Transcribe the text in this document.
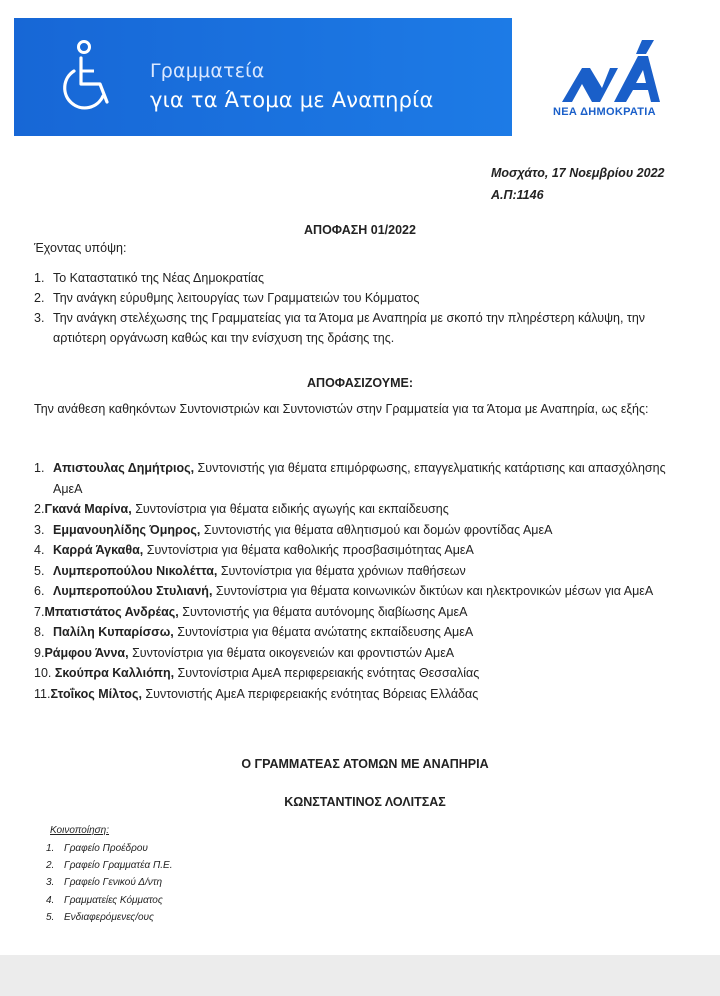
Γραμματεία
για τα Άτομα με Αναπηρία	ΝΕΑ ΔΗΜΟΚΡΑΤΙΑ
Μοσχάτο, 17 Νοεμβρίου 2022
Α.Π:1146
ΑΠΟΦΑΣΗ 01/2022
Έχοντας υπόψη:
1. Το Καταστατικό της Νέας Δημοκρατίας
2. Την ανάγκη εύρυθμης λειτουργίας των Γραμματειών του Κόμματος
3. Την ανάγκη στελέχωσης της Γραμματείας για τα Άτομα με Αναπηρία με σκοπό την πληρέστερη κάλυψη, την αρτιότερη οργάνωση καθώς και την ενίσχυση της δράσης της.
ΑΠΟΦΑΣΙΖΟΥΜΕ:
Την ανάθεση καθηκόντων Συντονιστριών και Συντονιστών στην Γραμματεία για τα Άτομα με Αναπηρία, ως εξής:
1. Απιστουλας Δημήτριος, Συντονιστής για θέματα επιμόρφωσης, επαγγελματικής κατάρτισης και απασχόλησης ΑμεΑ
2.Γκανά Μαρίνα, Συντονίστρια για θέματα ειδικής αγωγής και εκπαίδευσης
3. Εμμανουηλίδης Όμηρος, Συντονιστής για θέματα αθλητισμού και δομών φροντίδας ΑμεΑ
4. Καρρά Άγκαθα, Συντονίστρια για θέματα καθολικής προσβασιμότητας ΑμεΑ
5. Λυμπεροπούλου Νικολέττα, Συντονίστρια για θέματα χρόνιων παθήσεων
6. Λυμπεροπούλου Στυλιανή, Συντονίστρια για θέματα κοινωνικών δικτύων και ηλεκτρονικών μέσων για ΑμεΑ
7.Μπατιστάτος Ανδρέας, Συντονιστής για θέματα αυτόνομης διαβίωσης ΑμεΑ
8. Παλίλη Κυπαρίσσω, Συντονίστρια για θέματα ανώτατης εκπαίδευσης ΑμεΑ
9.Ράμφου Άννα, Συντονίστρια για θέματα οικογενειών και φροντιστών ΑμεΑ
10. Σκούπρα Καλλιόπη, Συντονίστρια ΑμεΑ περιφερειακής ενότητας Θεσσαλίας
11.Στοΐκος Μίλτος, Συντονιστής ΑμεΑ περιφερειακής ενότητας Βόρειας Ελλάδας
Ο ΓΡΑΜΜΑΤΕΑΣ ΑΤΟΜΩΝ ΜΕ ΑΝΑΠΗΡΙΑ
ΚΩΝΣΤΑΝΤΙΝΟΣ ΛΟΛΙΤΣΑΣ
Κοινοποίηση:
1. Γραφείο Προέδρου
2. Γραφείο Γραμματέα Π.Ε.
3. Γραφείο Γενικού Δ/ντη
4. Γραμματείες Κόμματος
5. Ενδιαφερόμενες/ους
